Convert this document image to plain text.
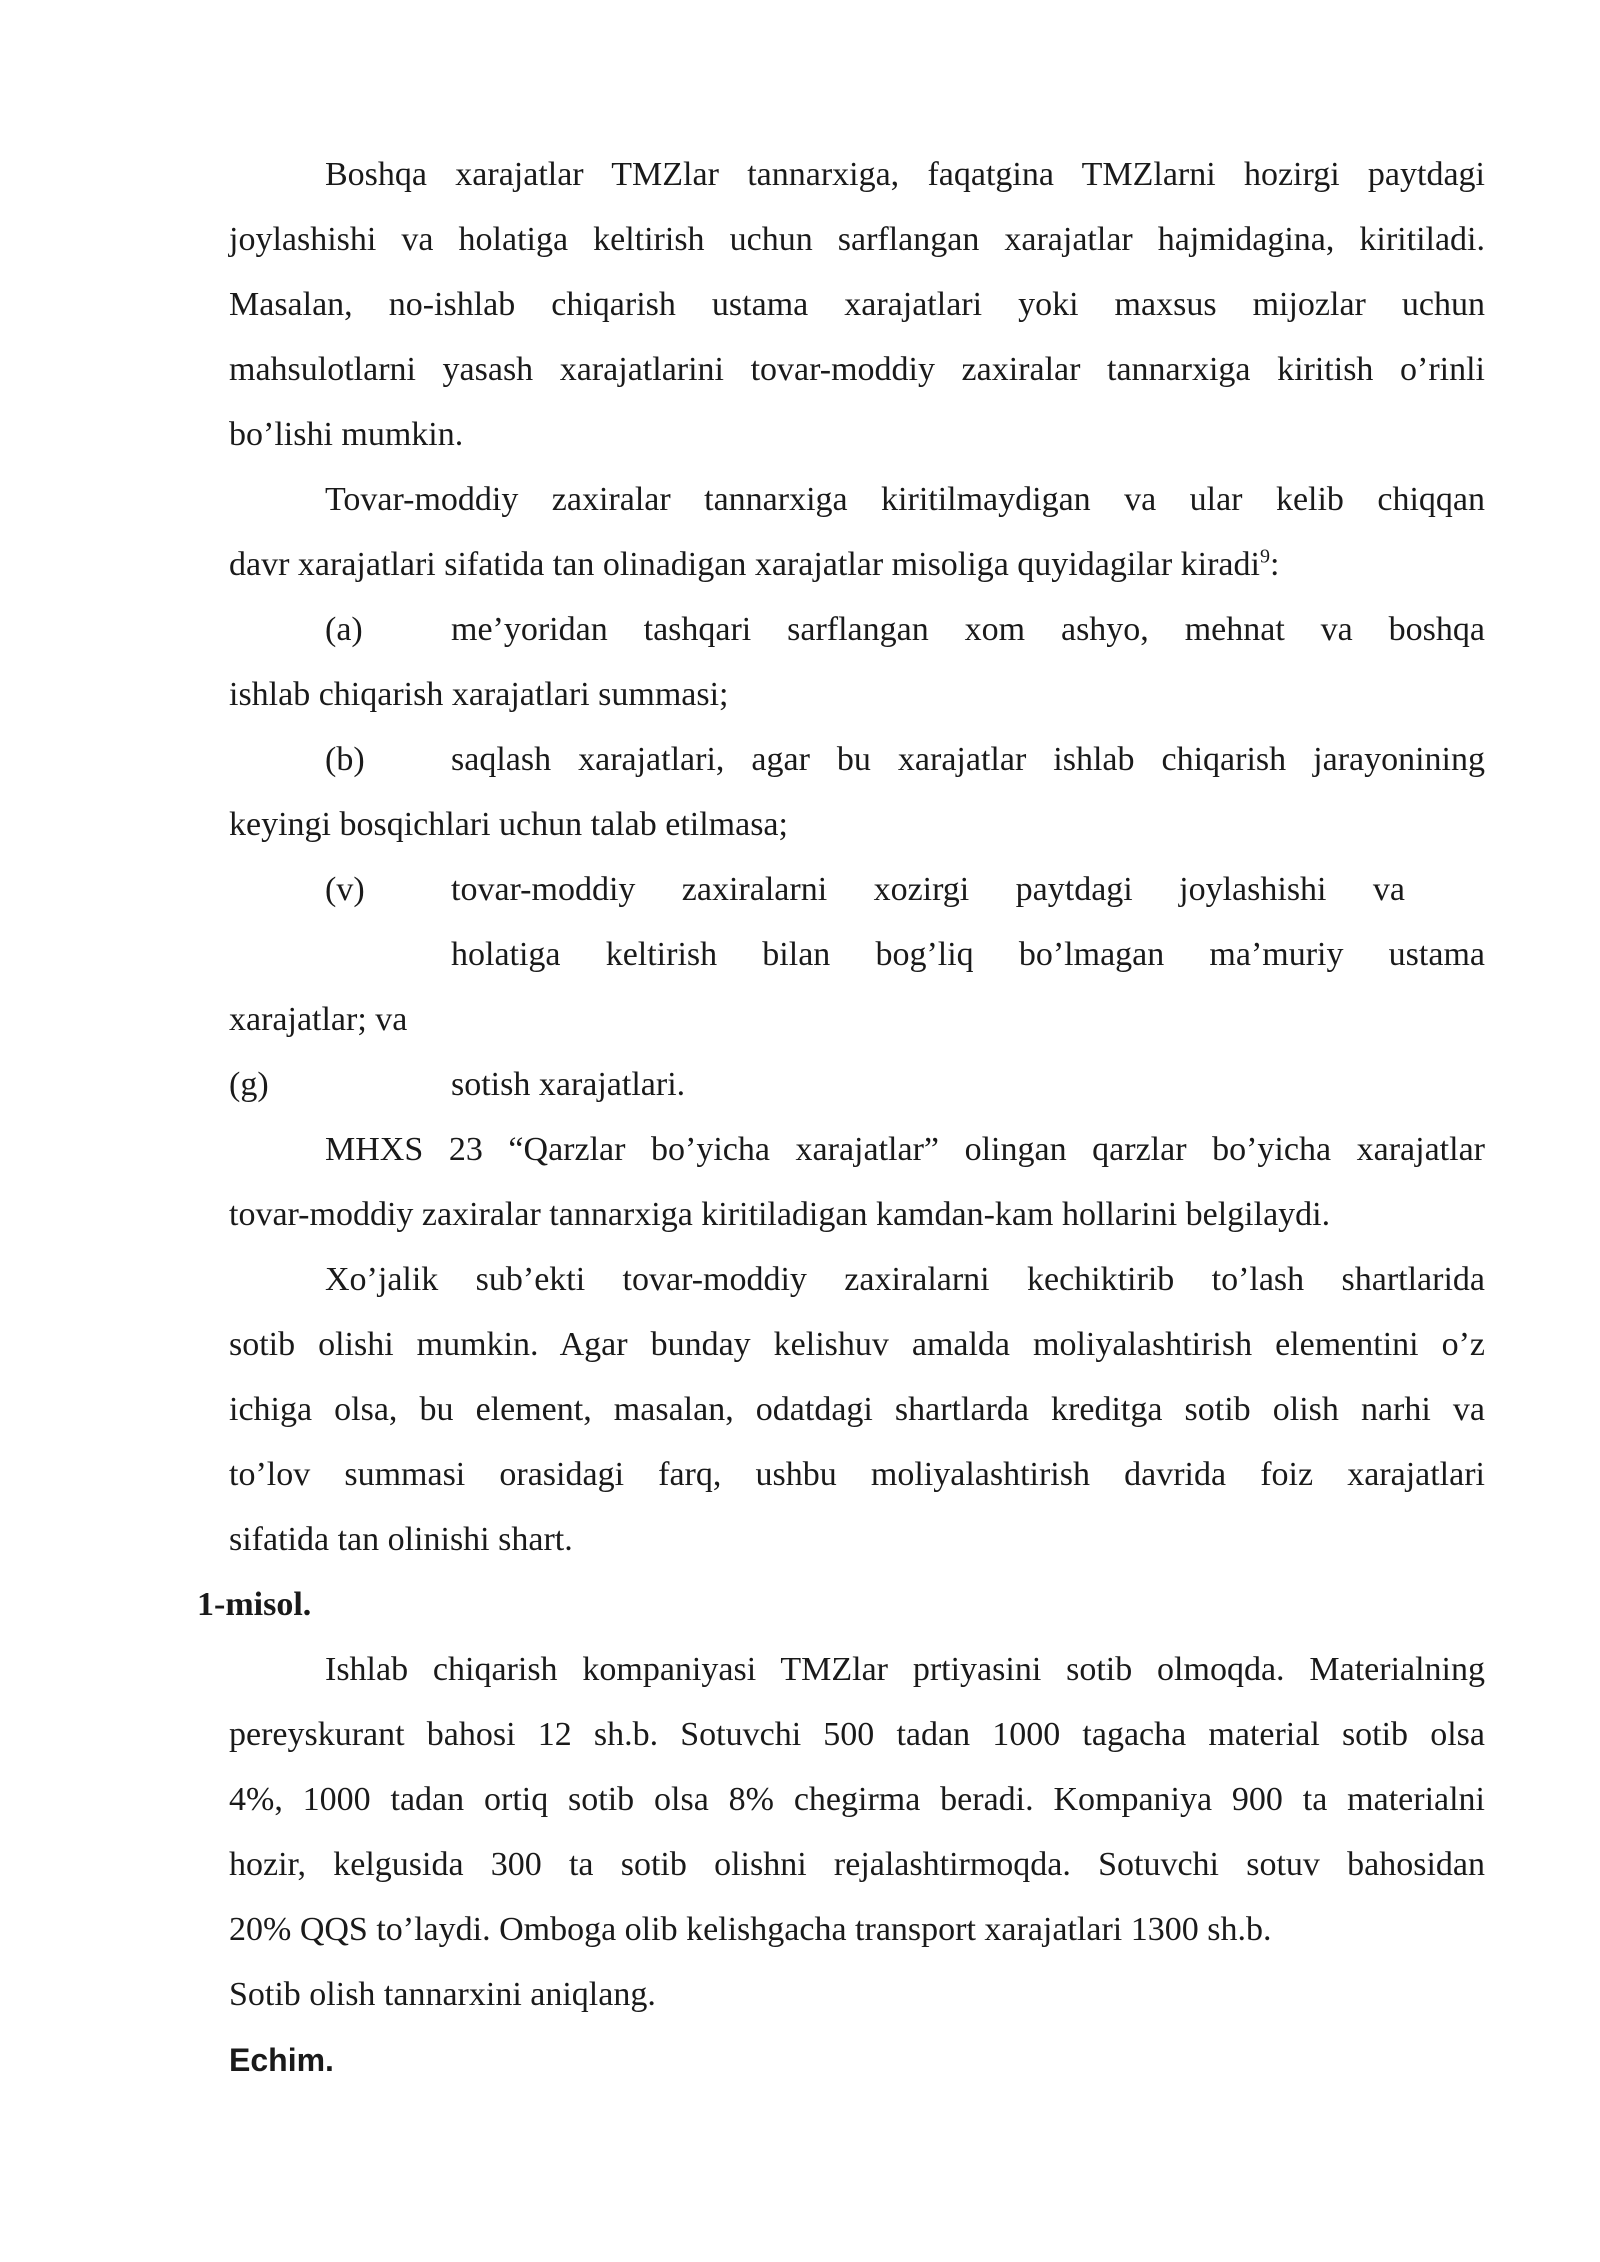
Boshqa xarajatlar TMZlar tannarxiga, faqatgina TMZlarni hozirgi paytdagi
joylashishi va holatiga keltirish uchun sarflangan xarajatlar hajmidagina, kiritiladi.
Masalan, no-ishlab chiqarish ustama xarajatlari yoki maxsus mijozlar uchun
mahsulotlarni yasash xarajatlarini tovar-moddiy zaxiralar tannarxiga kiritish o’rinli
bo’lishi mumkin.
Tovar-moddiy zaxiralar tannarxiga kiritilmaydigan va ular kelib chiqqan
davr xarajatlari sifatida tan olinadigan xarajatlar misoliga quyidagilar kiradi$^9$:
(a)	me’yoridan tashqari sarflangan xom ashyo, mehnat va boshqa
ishlab chiqarish xarajatlari summasi;
(b)	saqlash xarajatlari, agar bu xarajatlar ishlab chiqarish jarayonining
keyingi bosqichlari uchun talab etilmasa;
(v)	tovar-moddiy zaxiralarni xozirgi paytdagi joylashishi va
holatiga keltirish bilan bog’liq bo’lmagan ma’muriy ustama
xarajatlar; va
(g)	sotish xarajatlari.
MHXS 23 “Qarzlar bo’yicha xarajatlar” olingan qarzlar bo’yicha xarajatlar
tovar-moddiy zaxiralar tannarxiga kiritiladigan kamdan-kam hollarini belgilaydi.
Xo’jalik sub’ekti tovar-moddiy zaxiralarni kechiktirib to’lash shartlarida
sotib olishi mumkin. Agar bunday kelishuv amalda moliyalashtirish elementini o’z
ichiga olsa, bu element, masalan, odatdagi shartlarda kreditga sotib olish narhi va
to’lov summasi orasidagi farq, ushbu moliyalashtirish davrida foiz xarajatlari
sifatida tan olinishi shart.
1-misol.
Ishlab chiqarish kompaniyasi TMZlar prtiyasini sotib olmoqda. Materialning
pereyskurant bahosi 12 sh.b. Sotuvchi 500 tadan 1000 tagacha material sotib olsa
4%, 1000 tadan ortiq sotib olsa 8% chegirma beradi. Kompaniya 900 ta materialni
hozir, kelgusida 300 ta sotib olishni rejalashtirmoqda. Sotuvchi sotuv bahosidan
20% QQS to’laydi. Omboga olib kelishgacha transport xarajatlari 1300 sh.b.
Sotib olish tannarxini aniqlang.
Echim.
